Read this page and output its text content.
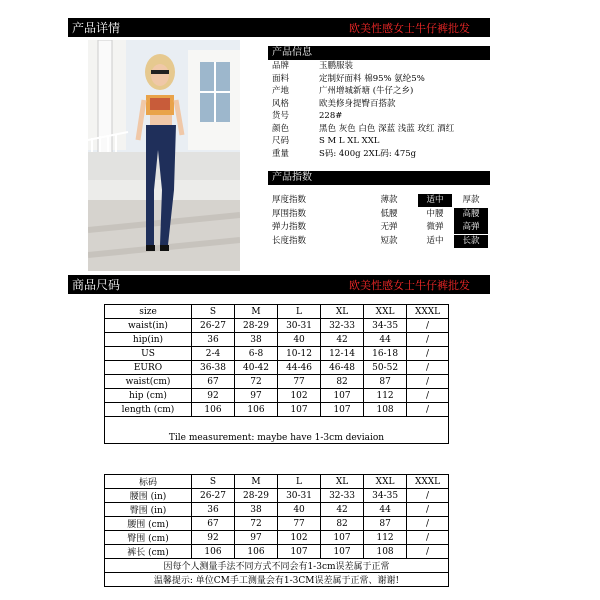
产品详情	欧美性感女士牛仔裤批发
产品信息
品牌	玉鹏服装
面料	定制好面料 棉95% 氨纶5%
产地	广州增城新塘 (牛仔之乡)
风格	欧美修身提臀百搭款
货号	228#
颜色	黑色 灰色 白色 深蓝 浅蓝 玫红 酒红
尺码	S M L XL XXL
重量	S码: 400g 2XL码: 475g
产品指数
厚度指数	薄款	适中	厚款
厚围指数	低腰	中腰	高腰
弹力指数	无弹	微弹	高弹
长度指数	短款	适中	长款
商品尺码	欧美性感女士牛仔裤批发
size	S	M	L	XL	XXL	XXXL
waist(in)	26-27	28-29	30-31	32-33	34-35	/
hip(in)	36	38	40	42	44	/
US	2-4	6-8	10-12	12-14	16-18	/
EURO	36-38	40-42	44-46	46-48	50-52	/
waist(cm)	67	72	77	82	87	/
hip (cm)	92	97	102	107	112	/
length (cm)	106	106	107	107	108	/
Tile measurement: maybe have 1-3cm deviaion						
标码	S	M	L	XL	XXL	XXXL
腰围 (in)	26-27	28-29	30-31	32-33	34-35	/
臀围 (in)	36	38	40	42	44	/
腰围 (cm)	67	72	77	82	87	/
臀围 (cm)	92	97	102	107	112	/
裤长 (cm)	106	106	107	107	108	/
因每个人测量手法不同方式不同会有1-3cm误差属于正常						
温馨提示: 单位CM手工测量会有1-3CM误差属于正常、谢谢!						
